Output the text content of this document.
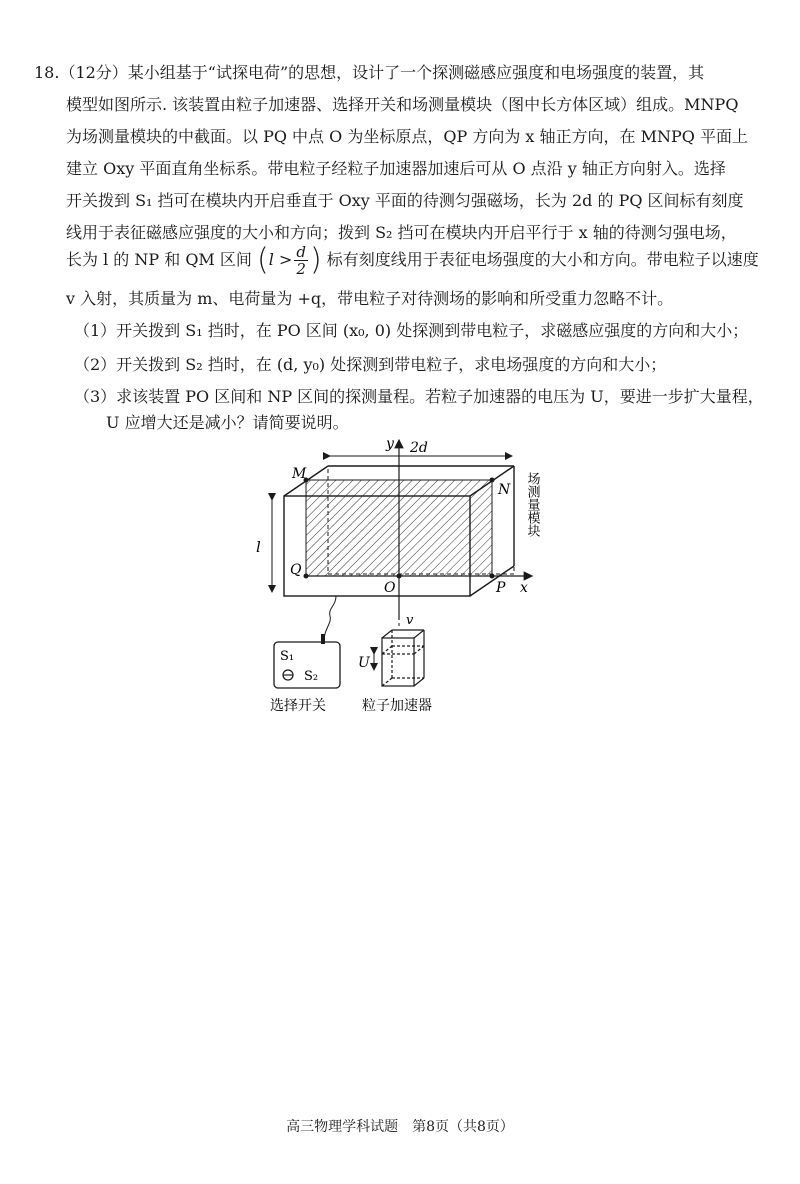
18.（12分）某小组基于“试探电荷”的思想，设计了一个探测磁感应强度和电场强度的装置，其
模型如图所示. 该装置由粒子加速器、选择开关和场测量模块（图中长方体区域）组成。MNPQ
为场测量模块的中截面。以 PQ 中点 O 为坐标原点，QP 方向为 x 轴正方向，在 MNPQ 平面上
建立 Oxy 平面直角坐标系。带电粒子经粒子加速器加速后可从 O 点沿 y 轴正方向射入。选择
开关拨到 S₁ 挡可在模块内开启垂直于 Oxy 平面的待测匀强磁场，长为 2d 的 PQ 区间标有刻度
线用于表征磁感应强度的大小和方向；拨到 S₂ 挡可在模块内开启平行于 x 轴的待测匀强电场，
长为 l 的 NP 和 QM 区间 ($l > \frac{d}{2}$ ) 标有刻度线用于表征电场强度的大小和方向。带电粒子以速度
v 入射，其质量为 m、电荷量为 +q，带电粒子对待测场的影响和所受重力忽略不计。
（1）开关拨到 S₁ 挡时，在 PO 区间 (x₀, 0) 处探测到带电粒子，求磁感应强度的方向和大小；
（2）开关拨到 S₂ 挡时，在 (d, y₀) 处探测到带电粒子，求电场强度的方向和大小；
（3）求该装置 PO 区间和 NP 区间的探测量程。若粒子加速器的电压为 U，要进一步扩大量程，
U 应增大还是减小？请简要说明。
2d
l
y
x
M
N
Q
O	P
场测量模块
v
S₁
S₂
选择开关
U
粒子加速器
高三物理学科试题　第8页（共8页）
